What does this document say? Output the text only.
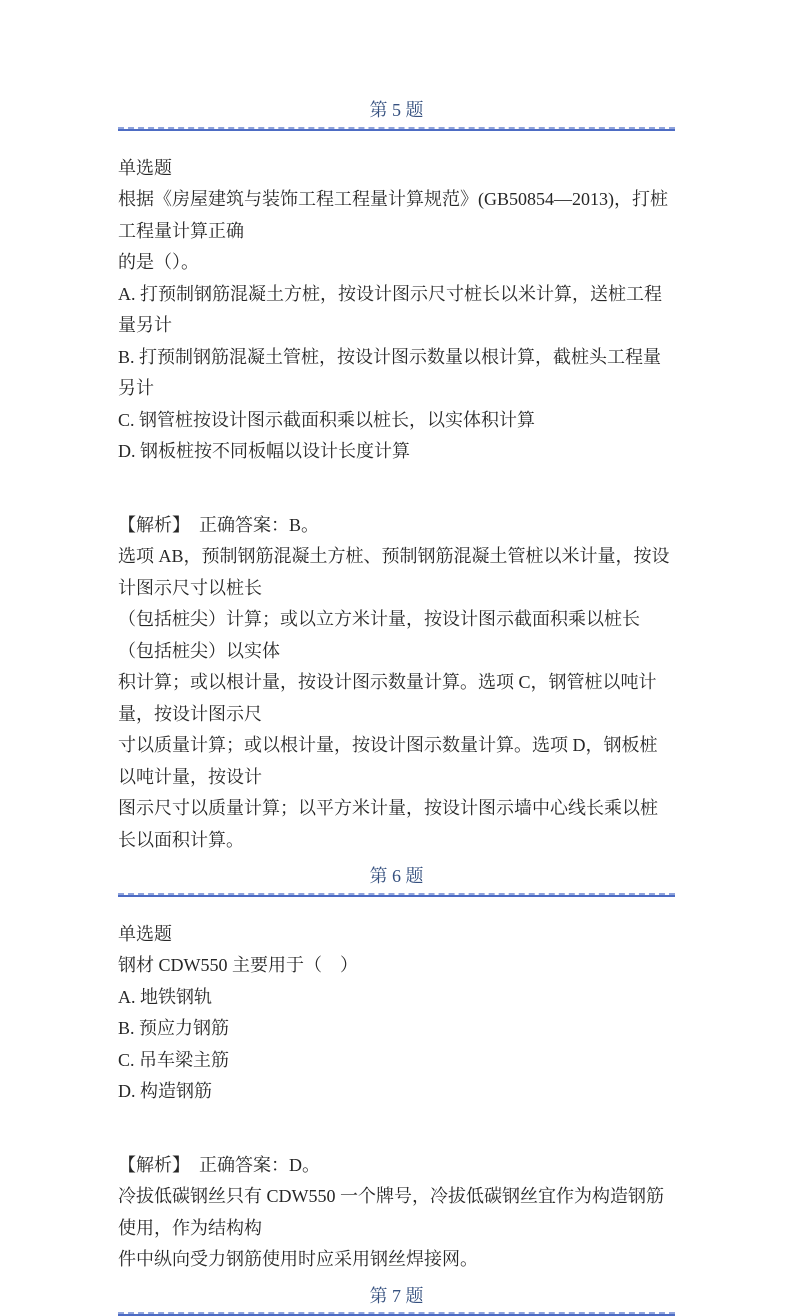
第 5 题
单选题
根据《房屋建筑与装饰工程工程量计算规范》(GB50854—2013)，打桩工程量计算正确
的是（）。
A. 打预制钢筋混凝土方桩，按设计图示尺寸桩长以米计算，送桩工程量另计
B. 打预制钢筋混凝土管桩，按设计图示数量以根计算，截桩头工程量另计
C. 钢管桩按设计图示截面积乘以桩长，以实体积计算
D. 钢板桩按不同板幅以设计长度计算
【解析】　正确答案：B。
选项 AB，预制钢筋混凝土方桩、预制钢筋混凝土管桩以米计量，按设计图示尺寸以桩长
（包括桩尖）计算；或以立方米计量，按设计图示截面积乘以桩长（包括桩尖）以实体
积计算；或以根计量，按设计图示数量计算。选项 C，钢管桩以吨计量，按设计图示尺
寸以质量计算；或以根计量，按设计图示数量计算。选项 D，钢板桩以吨计量，按设计
图示尺寸以质量计算；以平方米计量，按设计图示墙中心线长乘以桩长以面积计算。
第 6 题
单选题
钢材 CDW550 主要用于（　）
A. 地铁钢轨
B. 预应力钢筋
C. 吊车梁主筋
D. 构造钢筋
【解析】　正确答案：D。
冷拔低碳钢丝只有 CDW550 一个牌号，冷拔低碳钢丝宜作为构造钢筋使用，作为结构构
件中纵向受力钢筋使用时应采用钢丝焊接网。
第 7 题
